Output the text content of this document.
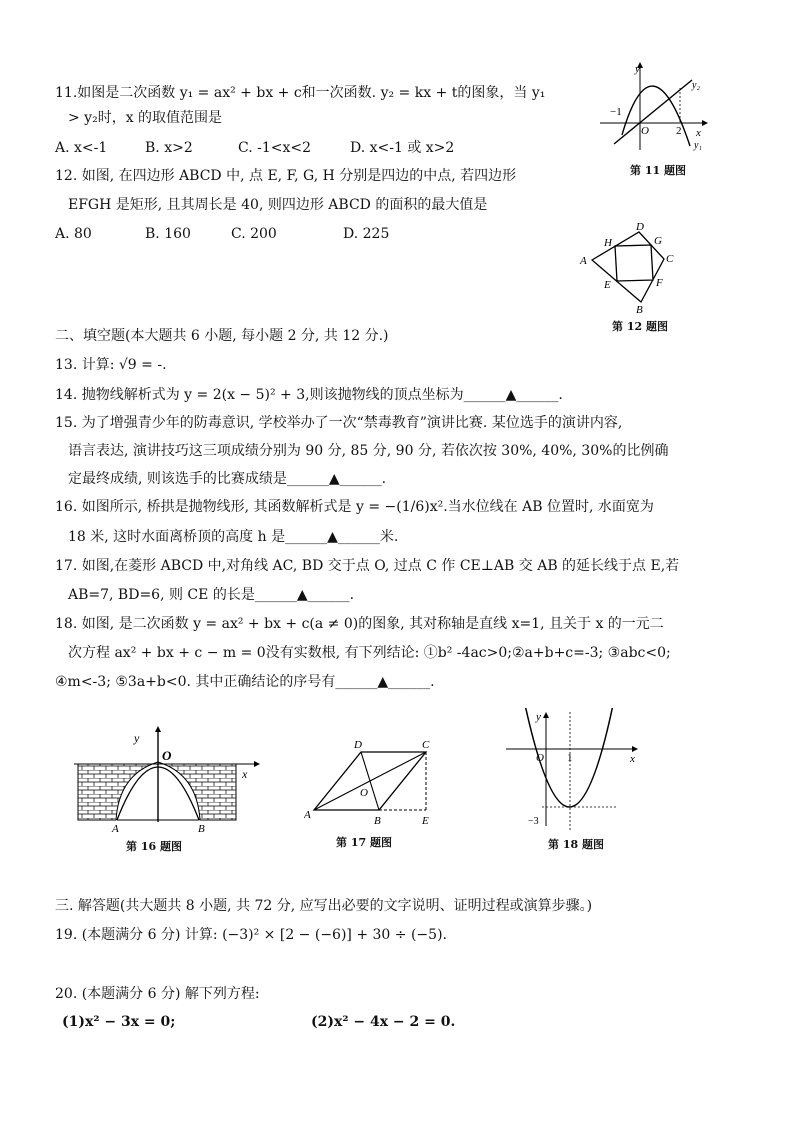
11.如图是二次函数 y₁ = ax² + bx + c和一次函数. y₂ = kx + t的图象，当 y₁
> y₂时，x 的取值范围是
A. x<-1	B. x>2	C. -1<x<2	D. x<-1 或 x>2
y
x
O
−1
2
y₂
y₁
第 11 题图
12. 如图, 在四边形 ABCD 中, 点 E, F, G, H 分别是四边的中点, 若四边形
EFGH 是矩形, 且其周长是 40, 则四边形 ABCD 的面积的最大值是
A. 80	B. 160	C. 200	D. 225
A
D
C
B
H	G
F
E
第 12 题图
二、填空题(本大题共 6 小题, 每小题 2 分, 共 12 分.)
13. 计算: √9 = -.
14. 抛物线解析式为 y = 2(x − 5)² + 3,则该抛物线的顶点坐标为______▲______.
15. 为了增强青少年的防毒意识, 学校举办了一次“禁毒教育”演讲比赛. 某位选手的演讲内容,
语言表达, 演讲技巧这三项成绩分别为 90 分, 85 分, 90 分, 若依次按 30%, 40%, 30%的比例确
定最终成绩, 则该选手的比赛成绩是______▲______.
16. 如图所示, 桥拱是抛物线形, 其函数解析式是 y = −(1/6)x².当水位线在 AB 位置时, 水面宽为
18 米, 这时水面离桥顶的高度 h 是______▲______米.
17. 如图,在菱形 ABCD 中,对角线 AC, BD 交于点 O, 过点 C 作 CE⊥AB 交 AB 的延长线于点 E,若
AB=7, BD=6, 则 CE 的长是______▲______.
18. 如图, 是二次函数 y = ax² + bx + c(a ≠ 0)的图象, 其对称轴是直线 x=1, 且关于 x 的一元二
次方程 ax² + bx + c − m = 0没有实数根, 有下列结论: ①b² -4ac>0;②a+b+c=-3; ③abc<0;
④m<-3; ⑤3a+b<0. 其中正确结论的序号有______▲______.
y
O
x
A	B
第 16 题图
A
D	C
B	E
O
第 17 题图
y
x
O 1
−3
第 18 题图
三. 解答题(共大题共 8 小题, 共 72 分, 应写出必要的文字说明、证明过程或演算步骤。)
19. (本题满分 6 分) 计算: (−3)² × [2 − (−6)] + 30 ÷ (−5).
20. (本题满分 6 分) 解下列方程:
(1)x² − 3x = 0;	(2)x² − 4x − 2 = 0.
